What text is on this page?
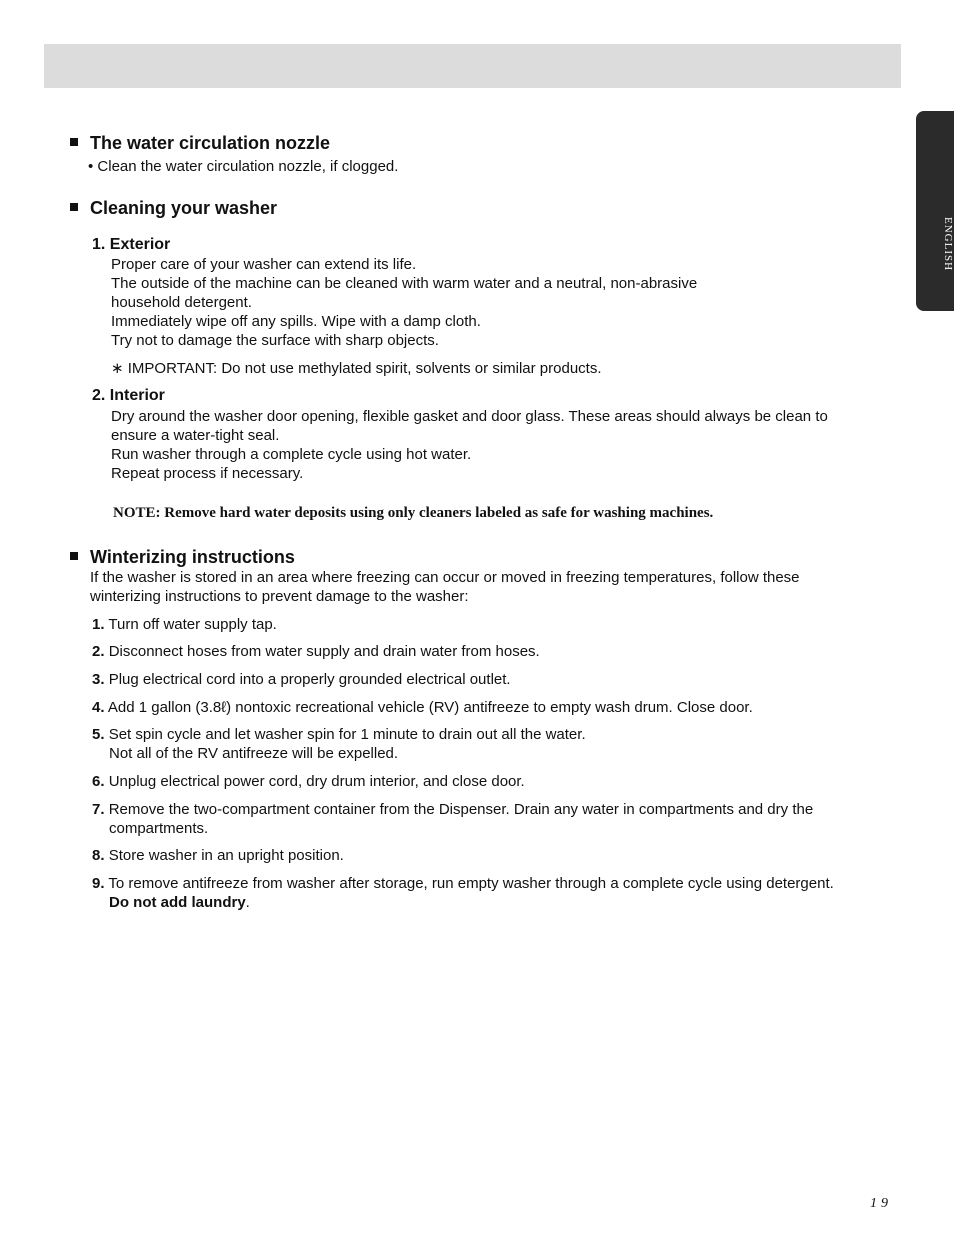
ENGLISH
The water circulation nozzle
• Clean the water circulation nozzle, if clogged.
Cleaning your washer
1. Exterior
Proper care of your washer can extend its life.
The outside of the machine can be cleaned with warm water and a neutral, non-abrasive
household detergent.
Immediately wipe off any spills. Wipe with a damp cloth.
Try not to damage the surface with sharp objects.
∗ IMPORTANT: Do not use methylated spirit, solvents or similar products.
2. Interior
Dry around the washer door opening, flexible gasket and door glass. These areas should always be clean to
ensure a water-tight seal.
Run washer through a complete cycle using hot water.
Repeat process if necessary.
NOTE: Remove hard water deposits using only cleaners labeled as safe for washing machines.
Winterizing instructions
If the washer is stored in an area where freezing can occur or moved in freezing temperatures, follow these
winterizing instructions to prevent damage to the washer:
1. Turn off water supply tap.
2. Disconnect hoses from water supply and drain water from hoses.
3. Plug electrical cord into a properly grounded electrical outlet.
4. Add 1 gallon (3.8ℓ) nontoxic recreational vehicle (RV) antifreeze to empty wash drum. Close door.
5. Set spin cycle and let washer spin for 1 minute to drain out all the water.
Not all of the RV antifreeze will be expelled.
6. Unplug electrical power cord, dry drum interior, and close door.
7. Remove the two-compartment container from the Dispenser. Drain any water in compartments and dry the
compartments.
8. Store washer in an upright position.
9. To remove antifreeze from washer after storage, run empty washer through a complete cycle using detergent.
Do not add laundry.
19
